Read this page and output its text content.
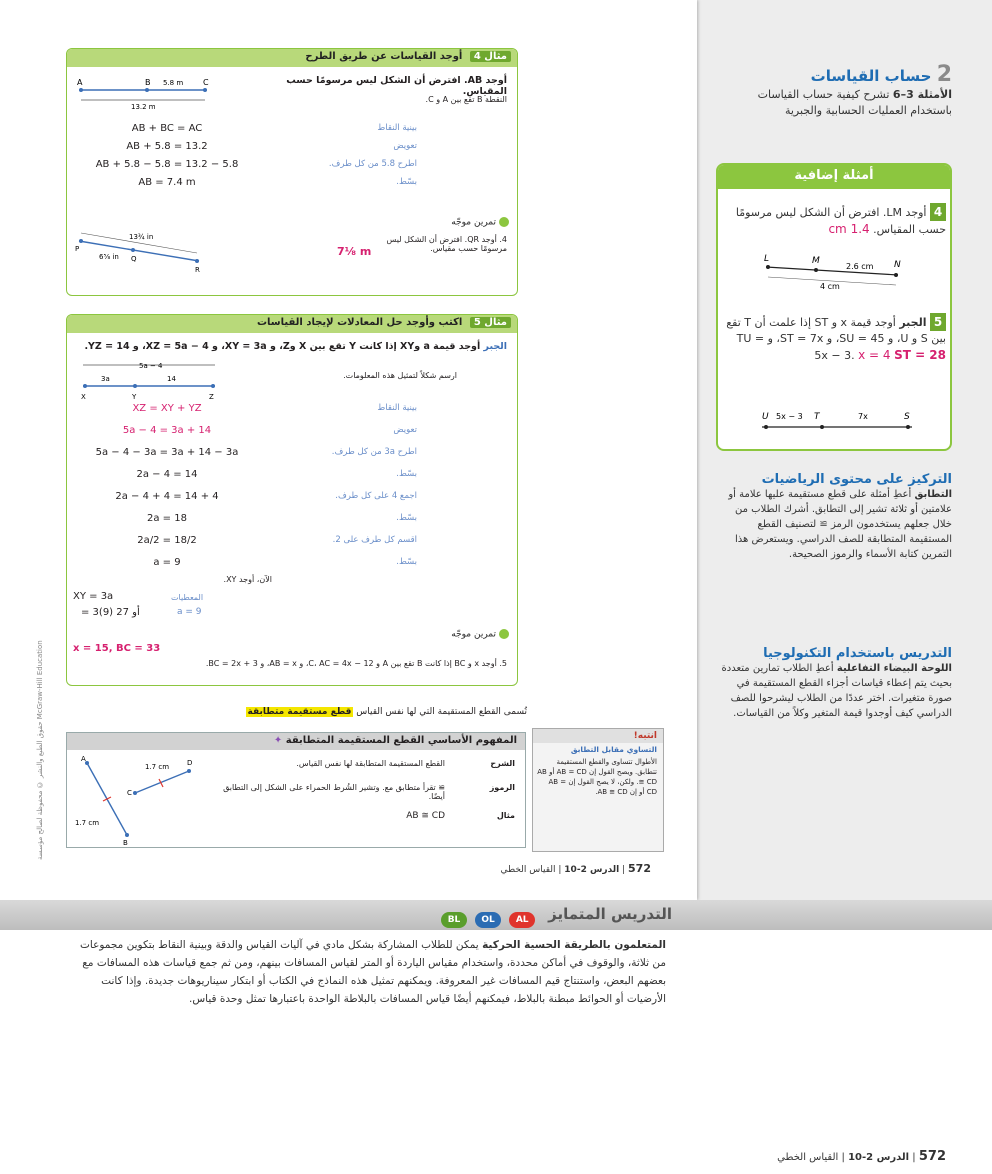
حقوق الطبع والنشر © محفوظة لصالح مؤسسة McGraw-Hill Education
مثال 4 أوجد القياسات عن طريق الطرح
أوجد AB. افترض أن الشكل ليس مرسومًا حسب المقياس.
النقطة B تقع بين A و C.
A	B	C
5.8 m
13.2 m
AB + BC = AC	بينية النقاط
AB + 5.8 = 13.2	تعويض
AB + 5.8 − 5.8 = 13.2 − 5.8	اطرح 5.8 من كل طرف.
AB = 7.4 m	بسّط.
تمرين موجّه
4. أوجد QR. افترض أن الشكل ليس مرسومًا حسب مقياس.
7⅛ m
P
Q
R
13¾ in
6⅝ in
مثال 5 اكتب وأوجد حل المعادلات لإيجاد القياسات
الجبر أوجد قيمة a وXY إذا كانت Y تقع بين X وZ، و XY = 3a، و XZ = 5a − 4، و YZ = 14.
ارسم شكلاً لتمثيل هذه المعلومات.
5a − 4
3a	14
X	Y	Z
XZ = XY + YZ	بينية النقاط
5a − 4 = 3a + 14	تعويض
5a − 4 − 3a = 3a + 14 − 3a	اطرح 3a من كل طرف.
2a − 4 = 14	بسّط.
2a − 4 + 4 = 14 + 4	اجمع 4 على كل طرف.
2a = 18	بسّط.
2a/2 = 18/2	اقسم كل طرف على 2.
a = 9	بسّط.
الآن، أوجد XY.
XY = 3a
= 3(9) أو 27
المعطيات
a = 9
تمرين موجّه
x = 15, BC = 33
5. أوجد x و BC إذا كانت B تقع بين A و C، AC = 4x − 12، و AB = x، و BC = 2x + 3.
تُسمى القطع المستقيمة التي لها نفس القياس قطع مستقيمة متطابقة
المفهوم الأساسي القطع المستقيمة المتطابقة ✦
الشرح
القطع المستقيمة المتطابقة لها نفس القياس.
الرموز
≅ تقرأ متطابق مع. وتشير الشُرط الحمراء على الشكل إلى التطابق أيضًا.
مثال
AB ≅ CD
A
B
C
D
1.7 cm
1.7 cm
انتبه!
التساوي مقابل التطابق
الأطوال تتساوى والقطع المستقيمة تتطابق. ويصح القول إن AB = CD أو AB ≅ CD. ولكن، لا يصح القول إن AB = CD أو إن AB ≅ CD.
572 | الدرس 2-10 | القياس الخطي
2 حساب القياسات
الأمثلة 3–6 تشرح كيفية حساب القياسات باستخدام العمليات الحسابية والجبرية
أمثلة إضافية
4 أوجد LM. افترض أن الشكل ليس مرسومًا حسب المقياس. 1.4 cm
L	M	N
2.6 cm
4 cm
5 الجبر أوجد قيمة x و ST إذا علمت أن T تقع بين S و U، و SU = 45، و ST = 7x، و TU = 5x − 3. x = 4 ST = 28
U 5x − 3 T	7x	S
التركيز على محتوى الرياضيات
التطابق أعطِ أمثلة على قطع مستقيمة عليها علامة أو علامتين أو ثلاثة تشير إلى التطابق. أشرك الطلاب من خلال جعلهم يستخدمون الرمز ≅ لتصنيف القطع المستقيمة المتطابقة للصف الدراسي. ويستعرض هذا التمرين كتابة الأسماء والرموز الصحيحة.
التدريس باستخدام التكنولوجيا
اللوحة البيضاء التفاعلية أعطِ الطلاب تمارين متعددة بحيث يتم إعطاء قياسات أجزاء القطع المستقيمة في صورة متغيرات. اختر عددًا من الطلاب ليشرحوا للصف الدراسي كيف أوجدوا قيمة المتغير وكلاً من القياسات.
التدريس المتمايز
BL OL AL
المتعلمون بالطريقة الحسية الحركية يمكن للطلاب المشاركة بشكل مادي في آليات القياس والدقة وبينية النقاط بتكوين مجموعات من ثلاثة، والوقوف في أماكن محددة، واستخدام مقياس الياردة أو المتر لقياس المسافات بينهم، ومن ثم جمع قياسات هذه المسافات مع بعضهم البعض، واستنتاج قيم المسافات غير المعروفة. ويمكنهم تمثيل هذه النماذج في الكتاب أو ابتكار سيناريوهات جديدة. وإذا كانت الأرضيات أو الحوائط مبطنة بالبلاط، فيمكنهم أيضًا قياس المسافات بالبلاطة الواحدة باعتبارها تمثل وحدة قياس.
572 | الدرس 2-10 | القياس الخطي
